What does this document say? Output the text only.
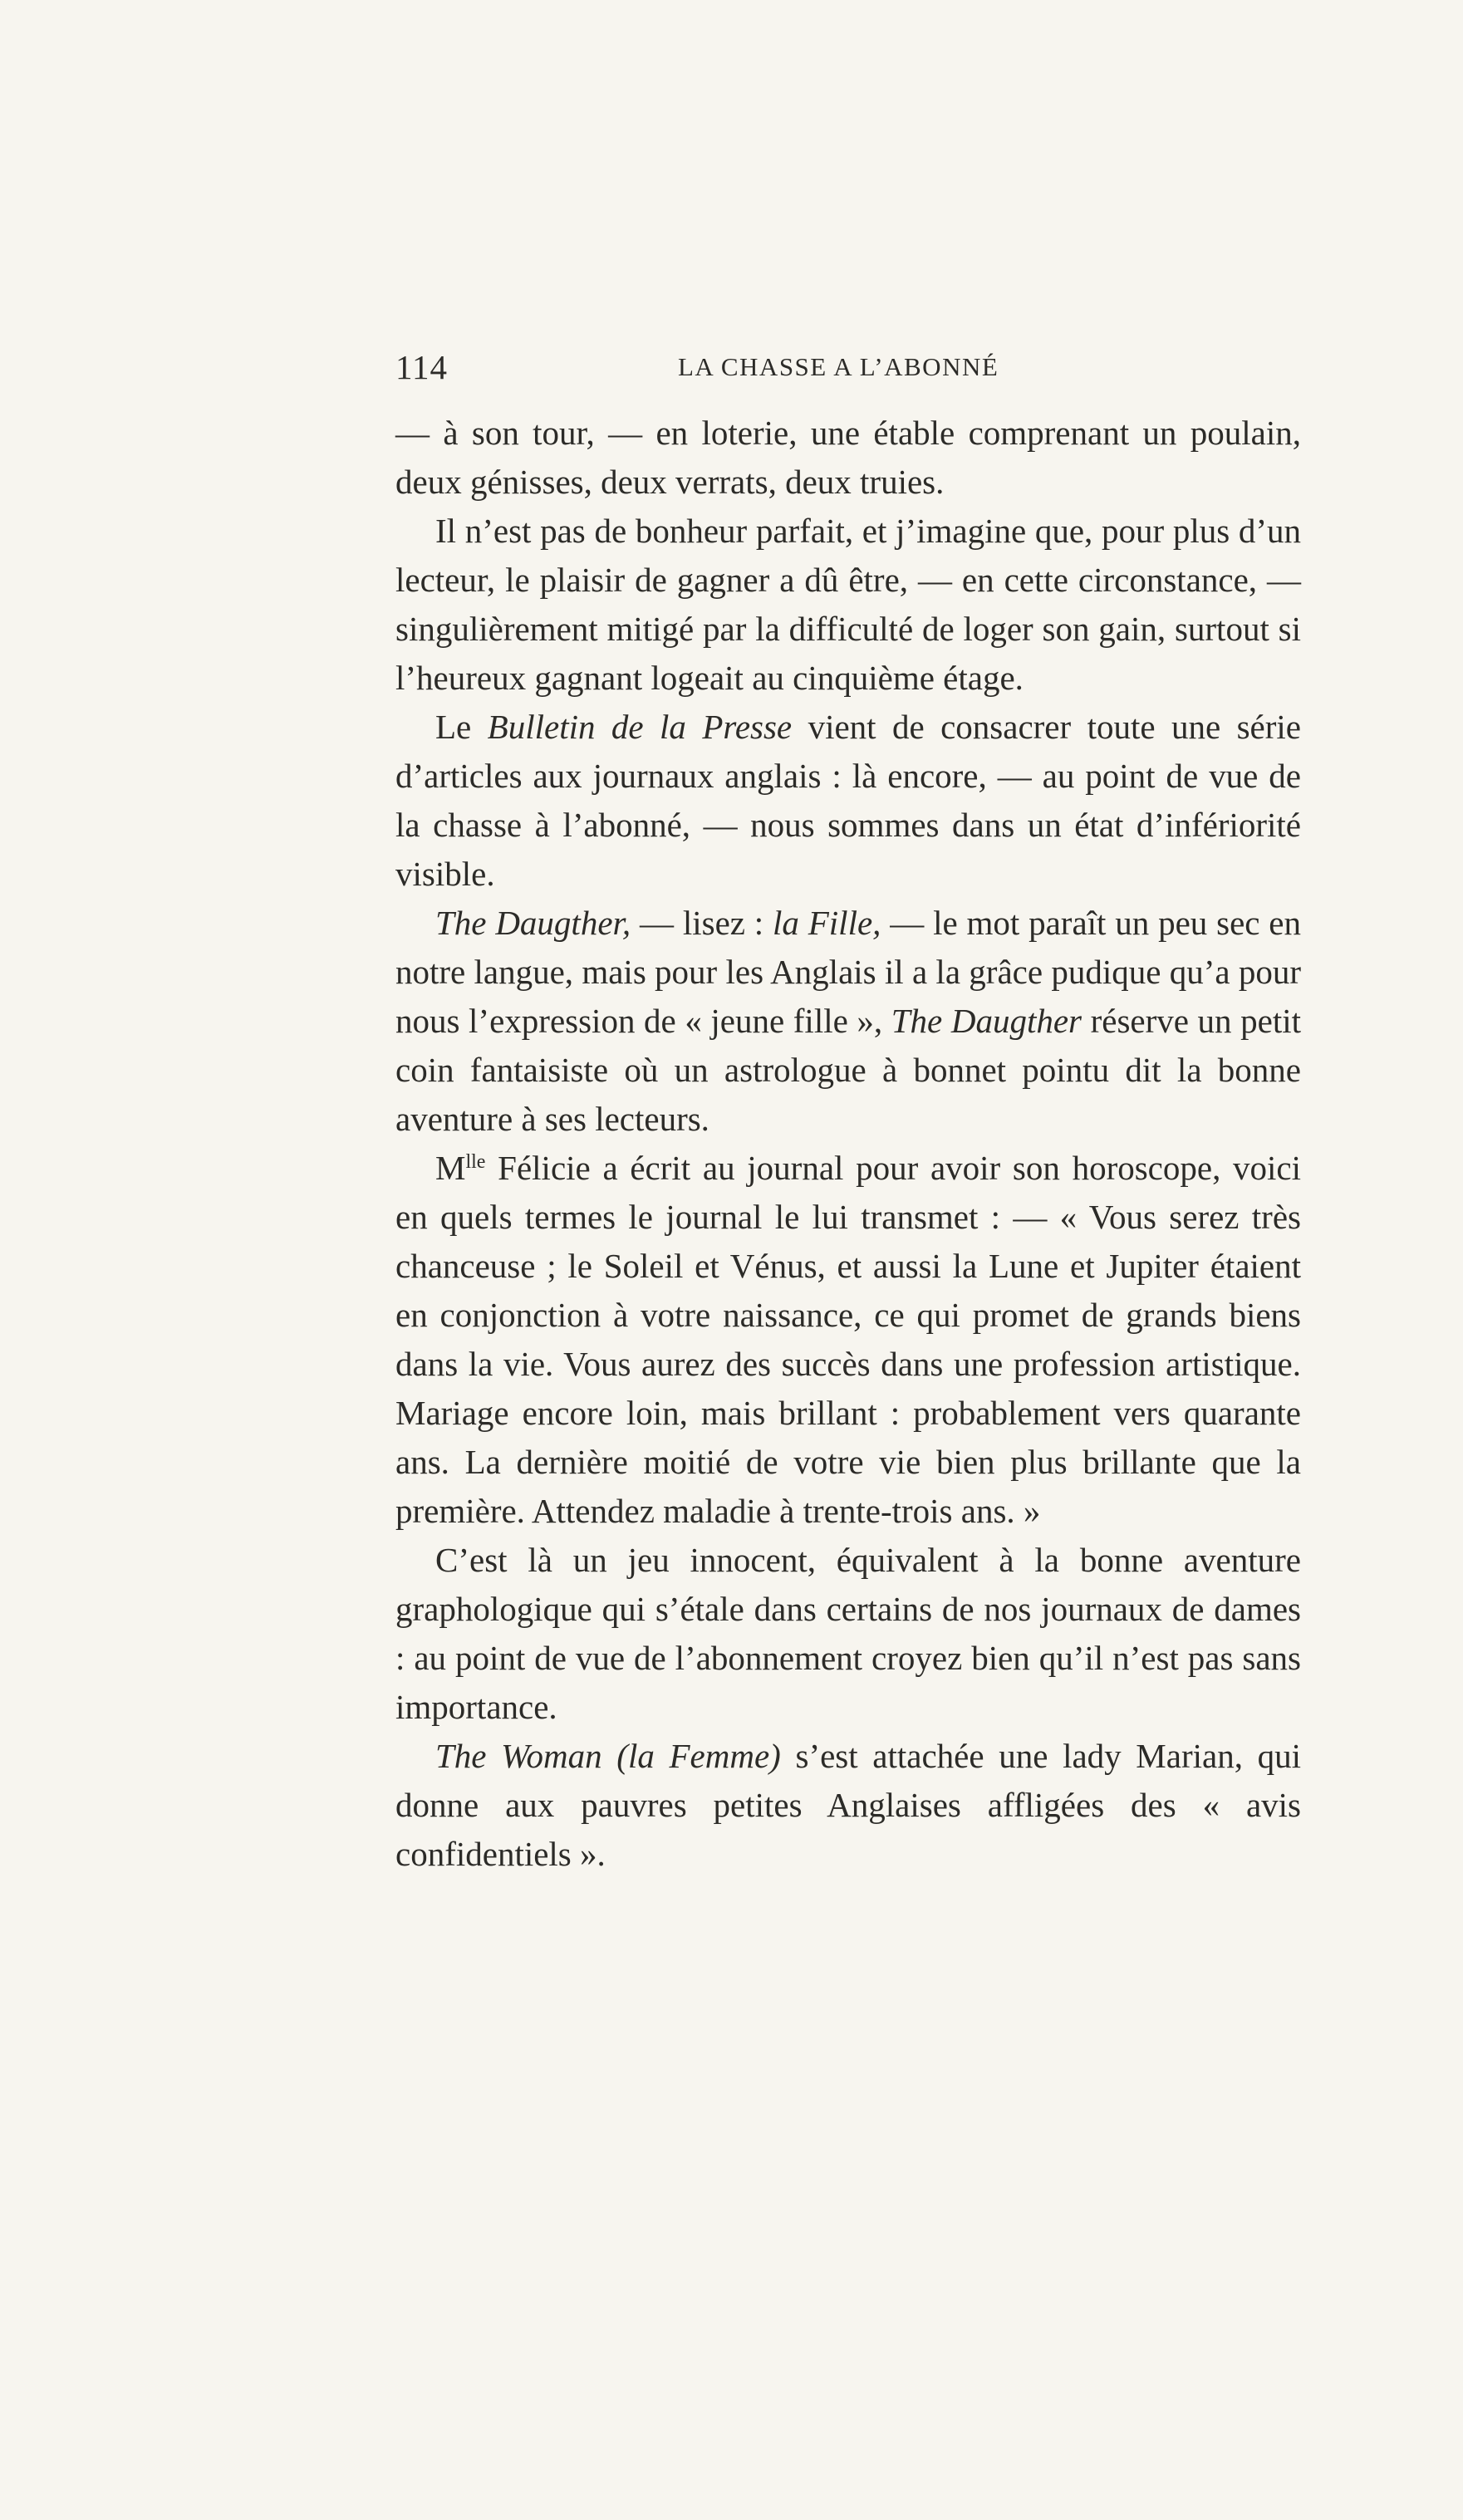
114	LA CHASSE A L’ABONNÉ

— à son tour, — en loterie, une étable comprenant un poulain, deux génisses, deux verrats, deux truies.

Il n’est pas de bonheur parfait, et j’imagine que, pour plus d’un lecteur, le plaisir de gagner a dû être, — en cette circonstance, — singulièrement mitigé par la difficulté de loger son gain, surtout si l’heureux gagnant logeait au cinquième étage.

Le Bulletin de la Presse vient de consacrer toute une série d’articles aux journaux anglais : là encore, — au point de vue de la chasse à l’abonné, — nous sommes dans un état d’infériorité visible.

The Daugther, — lisez : la Fille, — le mot paraît un peu sec en notre langue, mais pour les Anglais il a la grâce pudique qu’a pour nous l’expression de « jeune fille », The Daugther réserve un petit coin fantaisiste où un astrologue à bonnet pointu dit la bonne aventure à ses lecteurs.

$M^{lle}$ Félicie a écrit au journal pour avoir son horoscope, voici en quels termes le journal le lui transmet : — « Vous serez très chanceuse ; le Soleil et Vénus, et aussi la Lune et Jupiter étaient en conjonction à votre naissance, ce qui promet de grands biens dans la vie. Vous aurez des succès dans une profession artistique. Mariage encore loin, mais brillant : probablement vers quarante ans. La dernière moitié de votre vie bien plus brillante que la première. Attendez maladie à trente-trois ans. »

C’est là un jeu innocent, équivalent à la bonne aventure graphologique qui s’étale dans certains de nos journaux de dames : au point de vue de l’abonnement croyez bien qu’il n’est pas sans importance.

The Woman (la Femme) s’est attachée une lady Marian, qui donne aux pauvres petites Anglaises affligées des « avis confidentiels ».
